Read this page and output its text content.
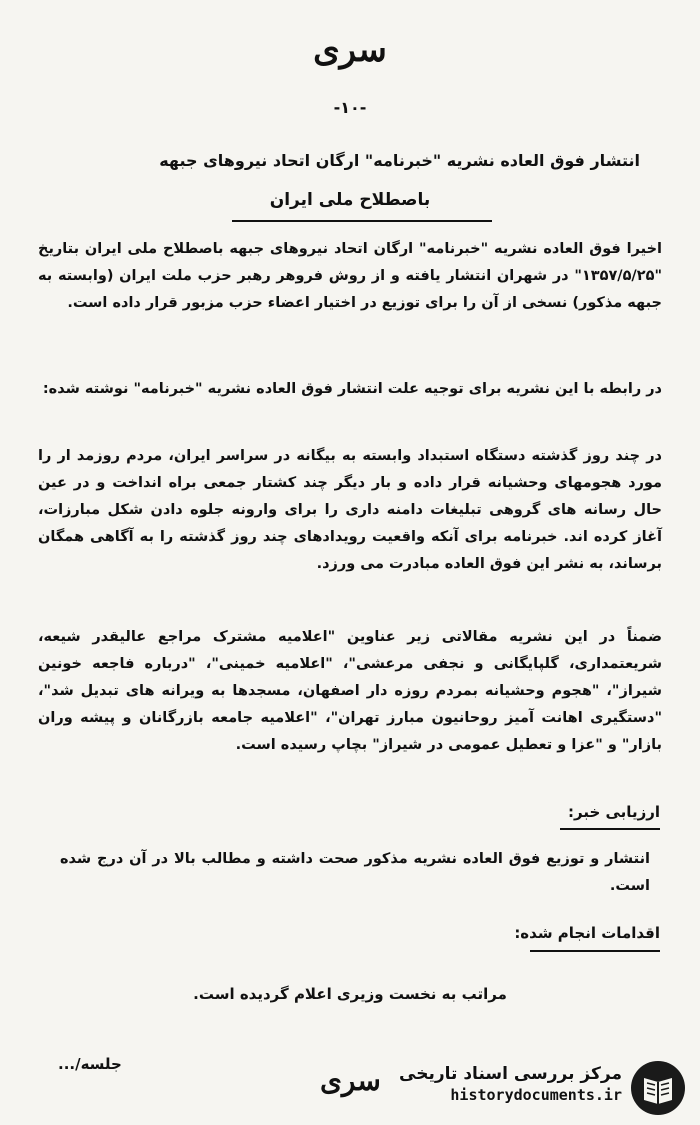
سری
-۱۰-
انتشار فوق العاده نشریه "خبرنامه" ارگان اتحاد نیروهای جبهه
باصطلاح ملی ایران
اخیرا فوق العاده نشریه "خبرنامه" ارگان اتحاد نیروهای جبهه باصطلاح ملی ایران بتاریخ "۱۳۵۷/۵/۲۵" در شهران انتشار یافته و از روش فروهر رهبر حزب ملت ایران (وابسته به جبهه مذکور) نسخی از آن را برای توزیع در اختیار اعضاء حزب مزبور قرار داده است.
در رابطه با این نشریه برای توجیه علت انتشار فوق العاده نشریه "خبرنامه" نوشته شده:
در چند روز گذشته دستگاه استبداد وابسته به بیگانه در سراسر ایران، مردم روزمد ار را مورد هجومهای وحشیانه قرار داده و بار دیگر چند کشتار جمعی براه انداخت و در عین حال رسانه های گروهی تبلیغات دامنه داری را برای وارونه جلوه دادن شکل مبارزات، آغاز کرده اند. خبرنامه برای آنکه واقعیت رویدادهای چند روز گذشته را به آگاهی همگان برساند، به نشر این فوق العاده مبادرت می ورزد.
ضمناً در این نشریه مقالاتی زیر عناوین "اعلامیه مشترک مراجع عالیقدر شیعه، شریعتمداری، گلپایگانی و نجفی مرعشی"، "اعلامیه خمینی"، "درباره فاجعه خونین شیراز"، "هجوم وحشیانه بمردم روزه دار اصفهان، مسجدها به ویرانه های تبدیل شد"، "دستگیری اهانت آمیز روحانیون مبارز تهران"، "اعلامیه جامعه بازرگانان و پیشه وران بازار" و "عزا و تعطیل عمومی در شیراز" بچاپ رسیده است.
ارزیابی خبر:
انتشار و توزیع فوق العاده نشریه مذکور صحت داشته و مطالب بالا در آن درج شده است.
اقدامات انجام شده:
مراتب به نخست وزیری اعلام گردیده است.
جلسه/...	سری مرکز بررسی اسناد تاریخی
historydocuments.ir
